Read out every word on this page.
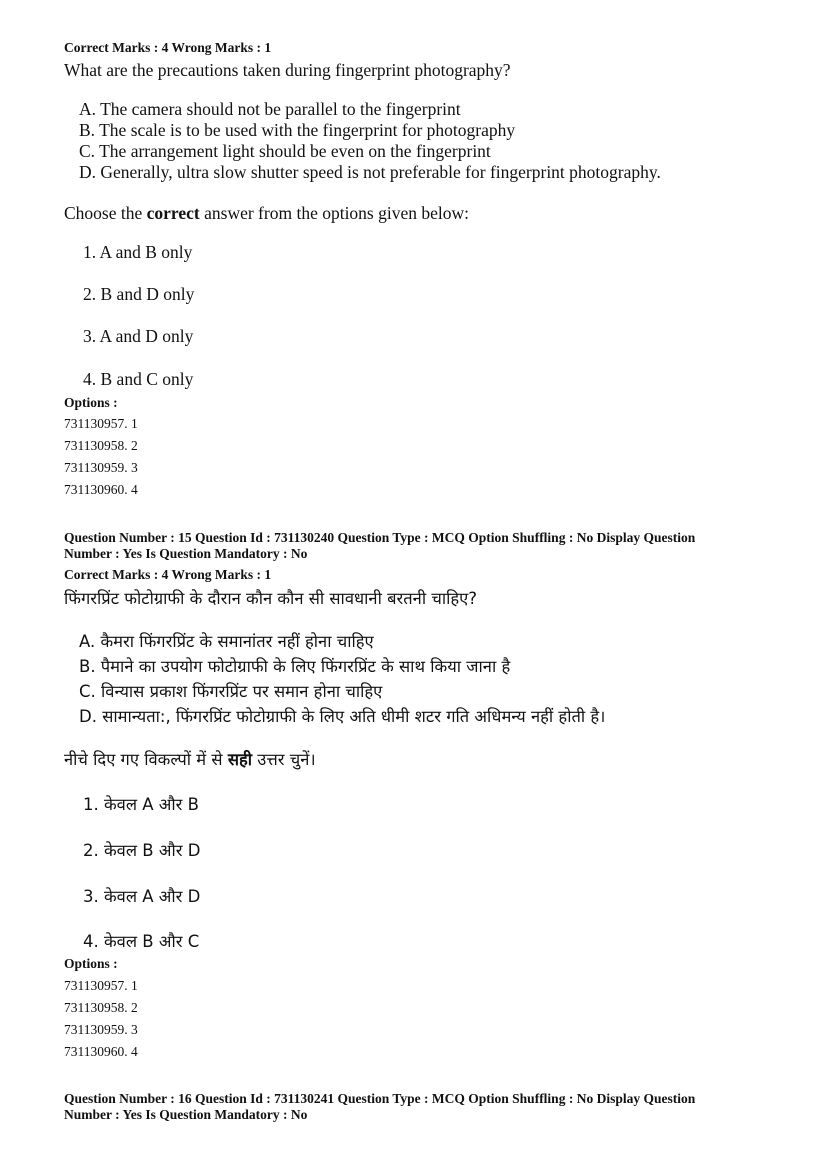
Correct Marks : 4 Wrong Marks : 1
What are the precautions taken during fingerprint photography?
A. The camera should not be parallel to the fingerprint
B. The scale is to be used with the fingerprint for photography
C. The arrangement light should be even on the fingerprint
D. Generally, ultra slow shutter speed is not preferable for fingerprint photography.
Choose the correct answer from the options given below:
1. A and B only
2. B and D only
3. A and D only
4. B and C only
Options :
731130957. 1
731130958. 2
731130959. 3
731130960. 4
Question Number : 15 Question Id : 731130240 Question Type : MCQ Option Shuffling : No Display Question
Number : Yes Is Question Mandatory : No
Correct Marks : 4 Wrong Marks : 1
फिंगरप्रिंट फोटोग्राफी के दौरान कौन कौन सी सावधानी बरतनी चाहिए?
A. कैमरा फिंगरप्रिंट के समानांतर नहीं होना चाहिए
B. पैमाने का उपयोग फोटोग्राफी के लिए फिंगरप्रिंट के साथ किया जाना है
C. विन्यास प्रकाश फिंगरप्रिंट पर समान होना चाहिए
D. सामान्यता:, फिंगरप्रिंट फोटोग्राफी के लिए अति धीमी शटर गति अधिमन्य नहीं होती है।
नीचे दिए गए विकल्पों में से सही उत्तर चुनें।
1. केवल A और B
2. केवल B और D
3. केवल A और D
4. केवल B और C
Options :
731130957. 1
731130958. 2
731130959. 3
731130960. 4
Question Number : 16 Question Id : 731130241 Question Type : MCQ Option Shuffling : No Display Question
Number : Yes Is Question Mandatory : No
